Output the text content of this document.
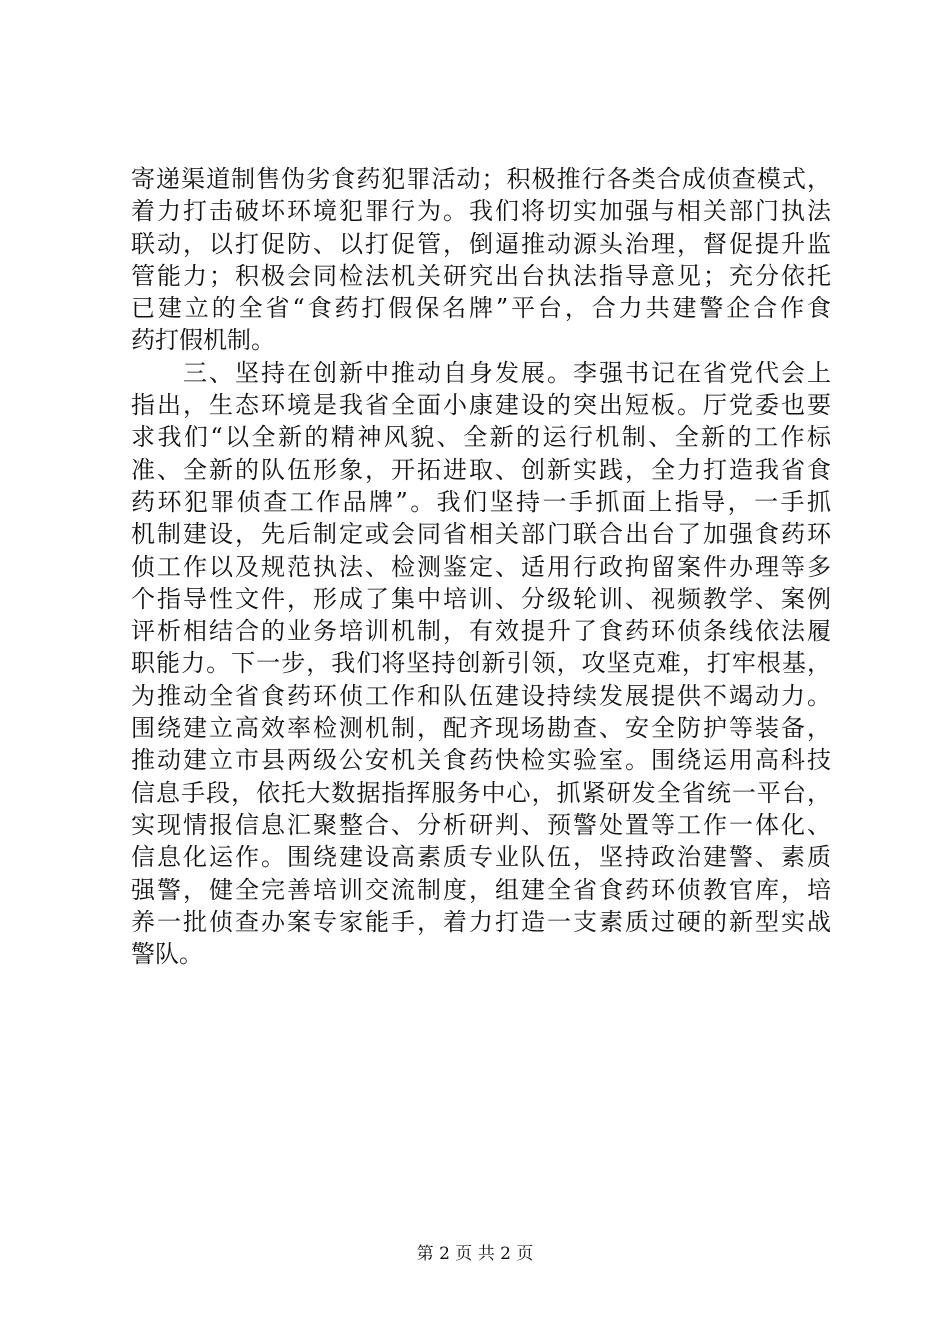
寄递渠道制售伪劣食药犯罪活动；积极推行各类合成侦查模式，
着力打击破坏环境犯罪行为。我们将切实加强与相关部门执法
联动，以打促防、以打促管，倒逼推动源头治理，督促提升监
管能力；积极会同检法机关研究出台执法指导意见；充分依托
已建立的全省“食药打假保名牌”平台，合力共建警企合作食
药打假机制。
　　三、坚持在创新中推动自身发展。李强书记在省党代会上
指出，生态环境是我省全面小康建设的突出短板。厅党委也要
求我们“以全新的精神风貌、全新的运行机制、全新的工作标
准、全新的队伍形象，开拓进取、创新实践，全力打造我省食
药环犯罪侦查工作品牌”。我们坚持一手抓面上指导，一手抓
机制建设，先后制定或会同省相关部门联合出台了加强食药环
侦工作以及规范执法、检测鉴定、适用行政拘留案件办理等多
个指导性文件，形成了集中培训、分级轮训、视频教学、案例
评析相结合的业务培训机制，有效提升了食药环侦条线依法履
职能力。下一步，我们将坚持创新引领，攻坚克难，打牢根基，
为推动全省食药环侦工作和队伍建设持续发展提供不竭动力。
围绕建立高效率检测机制，配齐现场勘查、安全防护等装备，
推动建立市县两级公安机关食药快检实验室。围绕运用高科技
信息手段，依托大数据指挥服务中心，抓紧研发全省统一平台，
实现情报信息汇聚整合、分析研判、预警处置等工作一体化、
信息化运作。围绕建设高素质专业队伍，坚持政治建警、素质
强警，健全完善培训交流制度，组建全省食药环侦教官库，培
养一批侦查办案专家能手，着力打造一支素质过硬的新型实战
警队。
第 2 页 共 2 页
